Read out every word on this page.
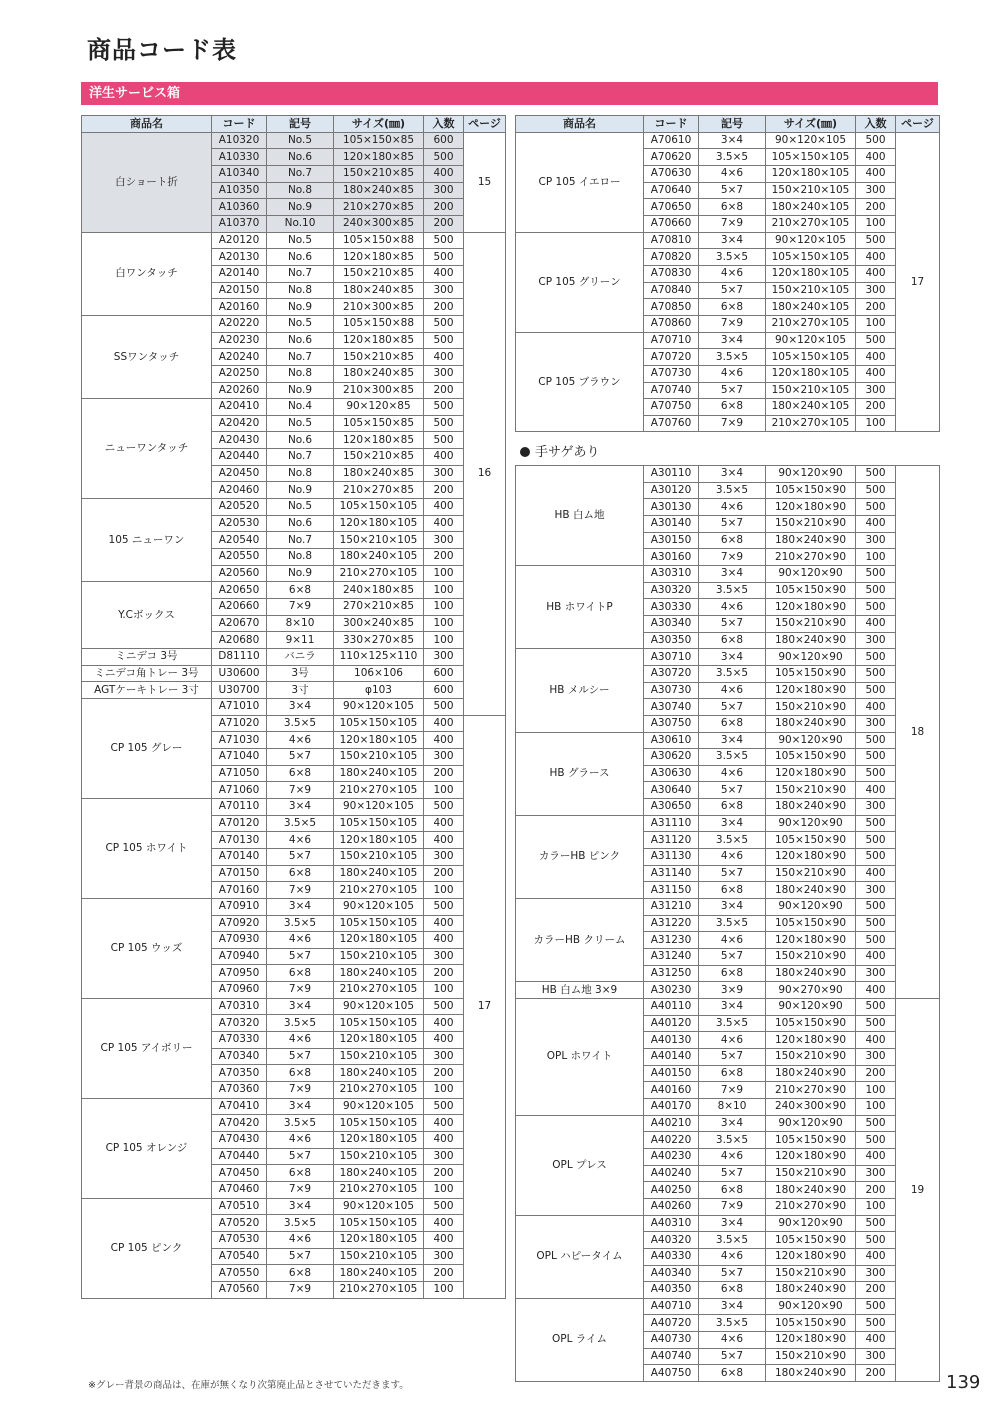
商品コード表
洋生サービス箱
商品名	コード	記号	サイズ(㎜)	入数	ページ
白ショート折	A10320	No.5	105×150×85	600	15
	A10330	No.6	120×180×85	500	
	A10340	No.7	150×210×85	400	
	A10350	No.8	180×240×85	300	
	A10360	No.9	210×270×85	200	
	A10370	No.10	240×300×85	200	
白ワンタッチ	A20120	No.5	105×150×88	500	16
	A20130	No.6	120×180×85	500	
	A20140	No.7	150×210×85	400	
	A20150	No.8	180×240×85	300	
	A20160	No.9	210×300×85	200	
SSワンタッチ	A20220	No.5	105×150×88	500	
	A20230	No.6	120×180×85	500	
	A20240	No.7	150×210×85	400	
	A20250	No.8	180×240×85	300	
	A20260	No.9	210×300×85	200	
ニューワンタッチ	A20410	No.4	90×120×85	500	
	A20420	No.5	105×150×85	500	
	A20430	No.6	120×180×85	500	
	A20440	No.7	150×210×85	400	
	A20450	No.8	180×240×85	300	
	A20460	No.9	210×270×85	200	
105 ニューワン	A20520	No.5	105×150×105	400	
	A20530	No.6	120×180×105	400	
	A20540	No.7	150×210×105	300	
	A20550	No.8	180×240×105	200	
	A20560	No.9	210×270×105	100	
Y.Cボックス	A20650	6×8	240×180×85	100	
	A20660	7×9	270×210×85	100	
	A20670	8×10	300×240×85	100	
	A20680	9×11	330×270×85	100	
ミニデコ 3号	D81110	バニラ	110×125×110	300	
ミニデコ角トレー 3号	U30600	3号	106×106	600	
AGTケーキトレー 3寸	U30700	3寸	φ103	600	
CP 105 グレー	A71010	3×4	90×120×105	500	
	A71020	3.5×5	105×150×105	400	17
	A71030	4×6	120×180×105	400	
	A71040	5×7	150×210×105	300	
	A71050	6×8	180×240×105	200	
	A71060	7×9	210×270×105	100	
CP 105 ホワイト	A70110	3×4	90×120×105	500	
	A70120	3.5×5	105×150×105	400	
	A70130	4×6	120×180×105	400	
	A70140	5×7	150×210×105	300	
	A70150	6×8	180×240×105	200	
	A70160	7×9	210×270×105	100	
CP 105 ウッズ	A70910	3×4	90×120×105	500	
	A70920	3.5×5	105×150×105	400	
	A70930	4×6	120×180×105	400	
	A70940	5×7	150×210×105	300	
	A70950	6×8	180×240×105	200	
	A70960	7×9	210×270×105	100	
CP 105 アイボリー	A70310	3×4	90×120×105	500	
	A70320	3.5×5	105×150×105	400	
	A70330	4×6	120×180×105	400	
	A70340	5×7	150×210×105	300	
	A70350	6×8	180×240×105	200	
	A70360	7×9	210×270×105	100	
CP 105 オレンジ	A70410	3×4	90×120×105	500	
	A70420	3.5×5	105×150×105	400	
	A70430	4×6	120×180×105	400	
	A70440	5×7	150×210×105	300	
	A70450	6×8	180×240×105	200	
	A70460	7×9	210×270×105	100	
CP 105 ピンク	A70510	3×4	90×120×105	500	
	A70520	3.5×5	105×150×105	400	
	A70530	4×6	120×180×105	400	
	A70540	5×7	150×210×105	300	
	A70550	6×8	180×240×105	200	
	A70560	7×9	210×270×105	100	
商品名	コード	記号	サイズ(㎜)	入数	ページ
CP 105 イエロー	A70610	3×4	90×120×105	500	17
	A70620	3.5×5	105×150×105	400	
	A70630	4×6	120×180×105	400	
	A70640	5×7	150×210×105	300	
	A70650	6×8	180×240×105	200	
	A70660	7×9	210×270×105	100	
CP 105 グリーン	A70810	3×4	90×120×105	500	
	A70820	3.5×5	105×150×105	400	
	A70830	4×6	120×180×105	400	
	A70840	5×7	150×210×105	300	
	A70850	6×8	180×240×105	200	
	A70860	7×9	210×270×105	100	
CP 105 ブラウン	A70710	3×4	90×120×105	500	
	A70720	3.5×5	105×150×105	400	
	A70730	4×6	120×180×105	400	
	A70740	5×7	150×210×105	300	
	A70750	6×8	180×240×105	200	
	A70760	7×9	210×270×105	100	
手サゲあり
HB 白ム地	A30110	3×4	90×120×90	500	18
	A30120	3.5×5	105×150×90	500	
	A30130	4×6	120×180×90	500	
	A30140	5×7	150×210×90	400	
	A30150	6×8	180×240×90	300	
	A30160	7×9	210×270×90	100	
HB ホワイトP	A30310	3×4	90×120×90	500	
	A30320	3.5×5	105×150×90	500	
	A30330	4×6	120×180×90	500	
	A30340	5×7	150×210×90	400	
	A30350	6×8	180×240×90	300	
HB メルシー	A30710	3×4	90×120×90	500	
	A30720	3.5×5	105×150×90	500	
	A30730	4×6	120×180×90	500	
	A30740	5×7	150×210×90	400	
	A30750	6×8	180×240×90	300	
HB グラース	A30610	3×4	90×120×90	500	
	A30620	3.5×5	105×150×90	500	
	A30630	4×6	120×180×90	500	
	A30640	5×7	150×210×90	400	
	A30650	6×8	180×240×90	300	
カラーHB ピンク	A31110	3×4	90×120×90	500	
	A31120	3.5×5	105×150×90	500	
	A31130	4×6	120×180×90	500	
	A31140	5×7	150×210×90	400	
	A31150	6×8	180×240×90	300	
カラーHB クリーム	A31210	3×4	90×120×90	500	
	A31220	3.5×5	105×150×90	500	
	A31230	4×6	120×180×90	500	
	A31240	5×7	150×210×90	400	
	A31250	6×8	180×240×90	300	
HB 白ム地 3×9	A30230	3×9	90×270×90	400	
OPL ホワイト	A40110	3×4	90×120×90	500	19
	A40120	3.5×5	105×150×90	500	
	A40130	4×6	120×180×90	400	
	A40140	5×7	150×210×90	300	
	A40150	6×8	180×240×90	200	
	A40160	7×9	210×270×90	100	
	A40170	8×10	240×300×90	100	
OPL プレス	A40210	3×4	90×120×90	500	
	A40220	3.5×5	105×150×90	500	
	A40230	4×6	120×180×90	400	
	A40240	5×7	150×210×90	300	
	A40250	6×8	180×240×90	200	
	A40260	7×9	210×270×90	100	
OPL ハピータイム	A40310	3×4	90×120×90	500	
	A40320	3.5×5	105×150×90	500	
	A40330	4×6	120×180×90	400	
	A40340	5×7	150×210×90	300	
	A40350	6×8	180×240×90	200	
OPL ライム	A40710	3×4	90×120×90	500	
	A40720	3.5×5	105×150×90	500	
	A40730	4×6	120×180×90	400	
	A40740	5×7	150×210×90	300	
	A40750	6×8	180×240×90	200	
※グレー背景の商品は、在庫が無くなり次第廃止品とさせていただきます。	139
